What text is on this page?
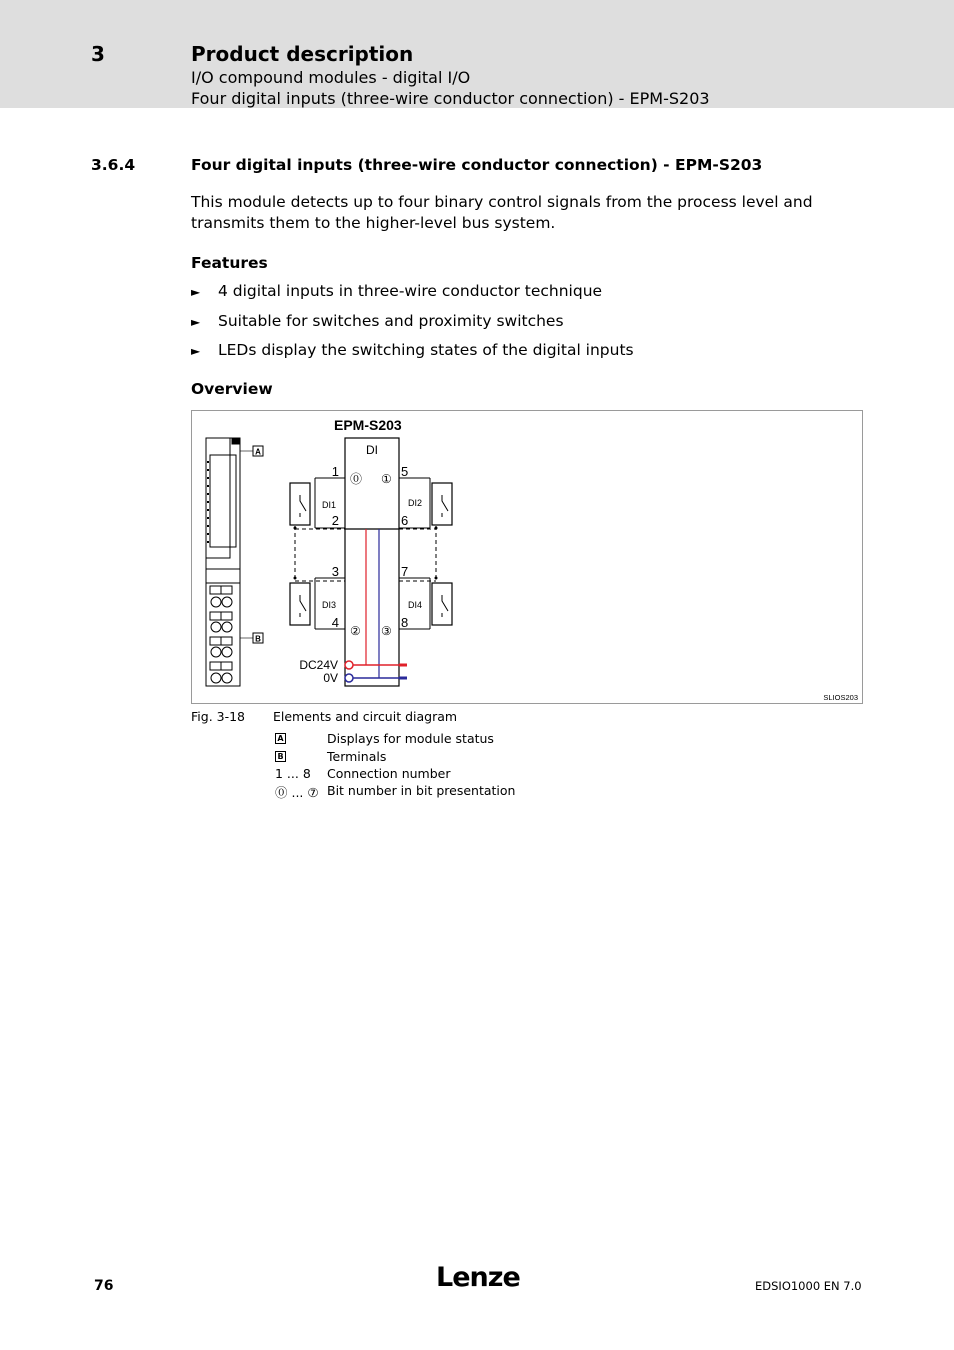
3	Product description
I/O compound modules - digital I/O
Four digital inputs (three-wire conductor connection) - EPM-S203
3.6.4	Four digital inputs (three-wire conductor connection) - EPM-S203

This module detects up to four binary control signals from the process level and transmits them to the higher-level bus system.

Features
► 4 digital inputs in three-wire conductor technique
► Suitable for switches and proximity switches
► LEDs display the switching states of the digital inputs
Overview
A
B
EPM-S203
DI
1
2
3
4
5
6
7
8
⓪ ①
② ③
DI1	DI2
DI3	DI4
DC24V
0V
SLIOS203
Fig. 3-18 Elements and circuit diagram
A	Displays for module status
B	Terminals
1 ... 8 Connection number
⓪ ... ⑦ Bit number in bit presentation
76	Lenze	EDSIO1000 EN 7.0
